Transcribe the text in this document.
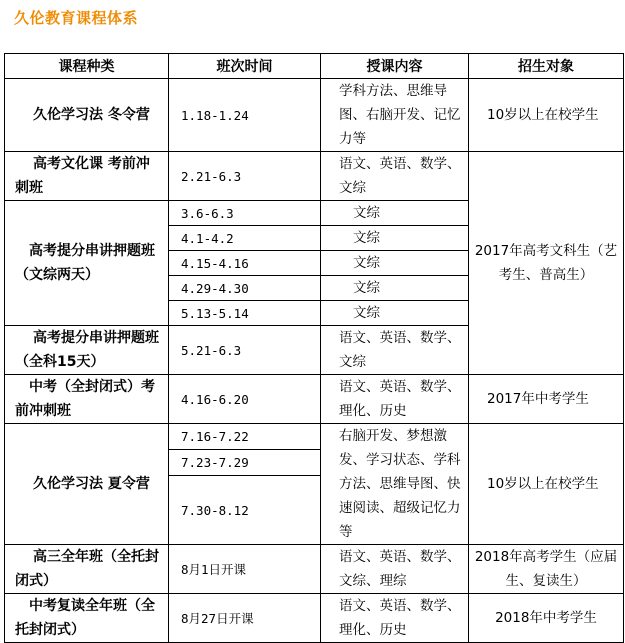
久伦教育课程体系
课程种类	班次时间	授课内容	招生对象
久伦学习法 冬令营	1.18-1.24	学科方法、思维导图、右脑开发、记忆力等	10岁以上在校学生
高考文化课 考前冲刺班	2.21-6.3	语文、英语、数学、文综	2017年高考文科生（艺考生、普高生）
高考提分串讲押题班（文综两天）	3.6-6.3	文综	
	4.1-4.2	文综	
	4.15-4.16	文综	
	4.29-4.30	文综	
	5.13-5.14	文综	
高考提分串讲押题班 （全科15天）	5.21-6.3	语文、英语、数学、文综	
中考（全封闭式）考前冲刺班	4.16-6.20	语文、英语、数学、理化、历史	2017年中考学生
久伦学习法 夏令营	7.16-7.22	右脑开发、梦想激发、学习状态、学科方法、思维导图、快速阅读、超级记忆力等	10岁以上在校学生
	7.23-7.29		
	7.30-8.12		
高三全年班（全托封闭式）	8月1日开课	语文、英语、数学、文综、理综	2018年高考学生（应届生、复读生）
中考复读全年班（全托封闭式）	8月27日开课	语文、英语、数学、理化、历史	2018年中考学生
